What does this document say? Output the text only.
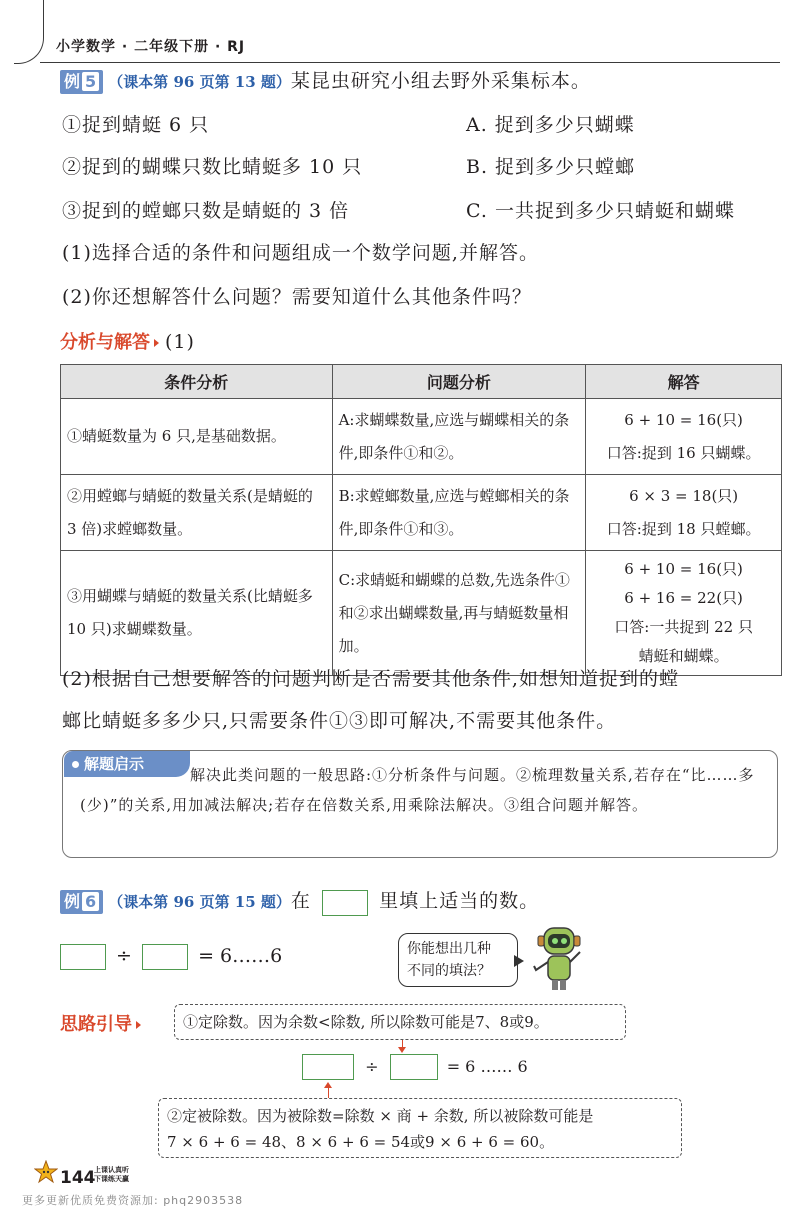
小学数学 · 二年级下册 · RJ
例 5 （课本第 96 页第 13 题）某昆虫研究小组去野外采集标本。
①捉到蜻蜓 6 只
②捉到的蝴蝶只数比蜻蜓多 10 只
③捉到的螳螂只数是蜻蜓的 3 倍
A. 捉到多少只蝴蝶
B. 捉到多少只螳螂
C. 一共捉到多少只蜻蜓和蝴蝶
(1)选择合适的条件和问题组成一个数学问题,并解答。
(2)你还想解答什么问题？需要知道什么其他条件吗？
分析与解答 (1)
条件分析	问题分析	解答
①蜻蜓数量为 6 只,是基础数据。	A:求蝴蝶数量,应选与蝴蝶相关的条件,即条件①和②。	6 + 10 = 16(只)
口答:捉到 16 只蝴蝶。

②用螳螂与蜻蜓的数量关系(是蜻蜓的 3 倍)求螳螂数量。	B:求螳螂数量,应选与螳螂相关的条件,即条件①和③。	6 × 3 = 18(只)
口答:捉到 18 只螳螂。

③用蝴蝶与蜻蜓的数量关系(比蜻蜓多 10 只)求蝴蝶数量。	C:求蜻蜓和蝴蝶的总数,先选条件①和②求出蝴蝶数量,再与蜻蜓数量相加。	6 + 10 = 16(只)
6 + 16 = 22(只)
口答:一共捉到 22 只
蜻蜓和蝴蝶。
(2)根据自己想要解答的问题判断是否需要其他条件,如想知道捉到的螳
螂比蜻蜓多多少只,只需要条件①③即可解决,不需要其他条件。
解题启示
解决此类问题的一般思路:①分析条件与问题。②梳理数量关系,若存在“比……多(少)”的关系,用加减法解决;若存在倍数关系,用乘除法解决。③组合问题并解答。
例 6 （课本第 96 页第 15 题）在	里填上适当的数。
÷	= 6……6	你能想出几种
不同的填法？
思路引导	①定除数。因为余数<除数, 所以除数可能是7、8或9。
÷	= 6 …… 6
②定被除数。因为被除数=除数 × 商 + 余数, 所以被除数可能是
7 × 6 + 6 = 48、8 × 6 + 6 = 54或9 × 6 + 6 = 60。
144
上课认真听
下课练天赢
更多更新优质免费资源加: phq2903538
